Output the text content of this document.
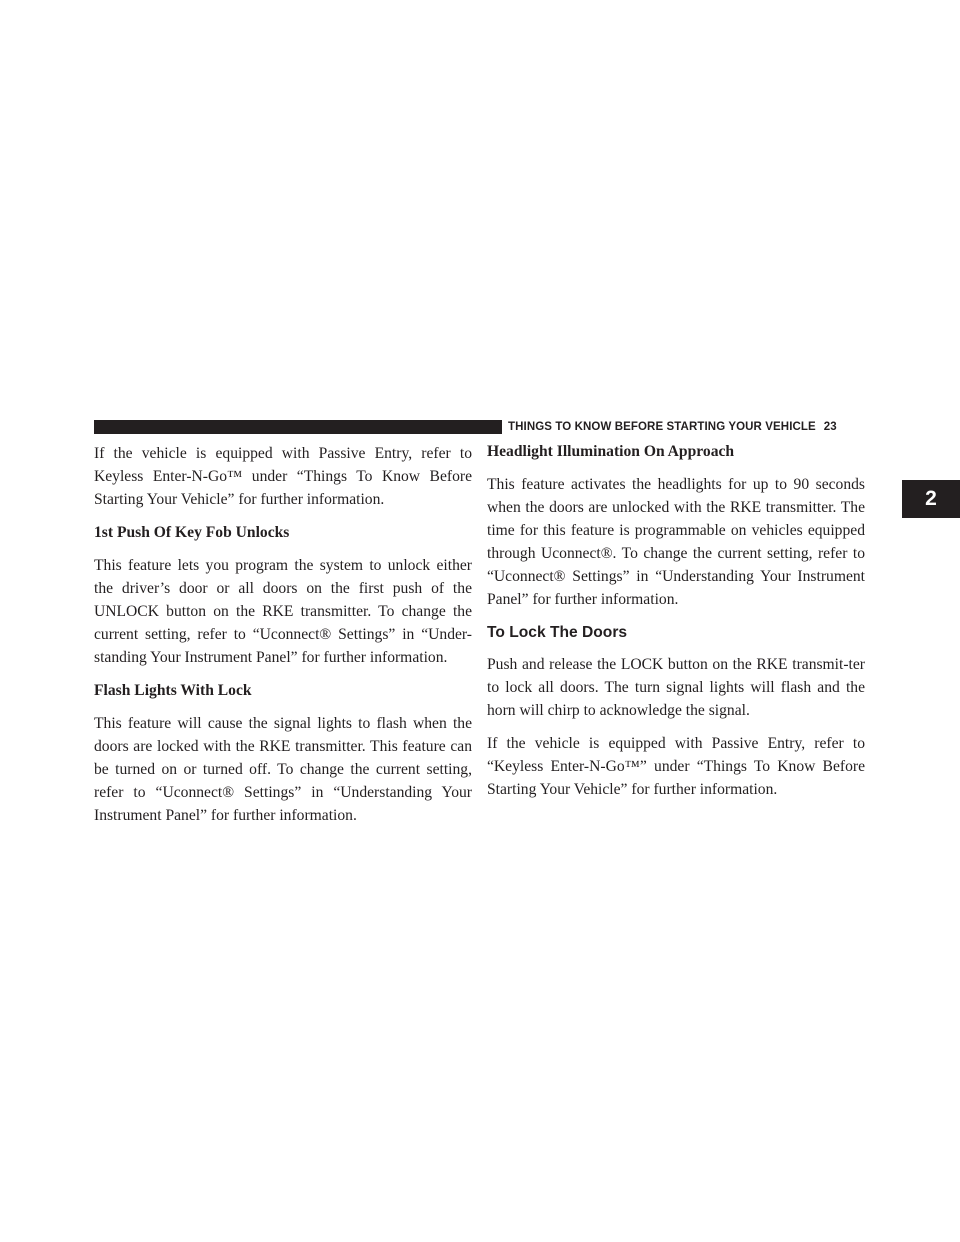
THINGS TO KNOW BEFORE STARTING YOUR VEHICLE 23
2

If the vehicle is equipped with Passive Entry, refer to Keyless Enter-N-Go™ under “Things To Know Before Starting Your Vehicle” for further information.

1st Push Of Key Fob Unlocks

This feature lets you program the system to unlock either the driver’s door or all doors on the first push of the UNLOCK button on the RKE transmitter. To change the current setting, refer to “Uconnect® Settings” in “Under-standing Your Instrument Panel” for further information.

Flash Lights With Lock

This feature will cause the signal lights to flash when the doors are locked with the RKE transmitter. This feature can be turned on or turned off. To change the current setting, refer to “Uconnect® Settings” in “Understanding Your Instrument Panel” for further information.

Headlight Illumination On Approach

This feature activates the headlights for up to 90 seconds when the doors are unlocked with the RKE transmitter. The time for this feature is programmable on vehicles equipped through Uconnect®. To change the current setting, refer to “Uconnect® Settings” in “Understanding Your Instrument Panel” for further information.

To Lock The Doors

Push and release the LOCK button on the RKE transmit-ter to lock all doors. The turn signal lights will flash and the horn will chirp to acknowledge the signal.

If the vehicle is equipped with Passive Entry, refer to “Keyless Enter-N-Go™” under “Things To Know Before Starting Your Vehicle” for further information.
